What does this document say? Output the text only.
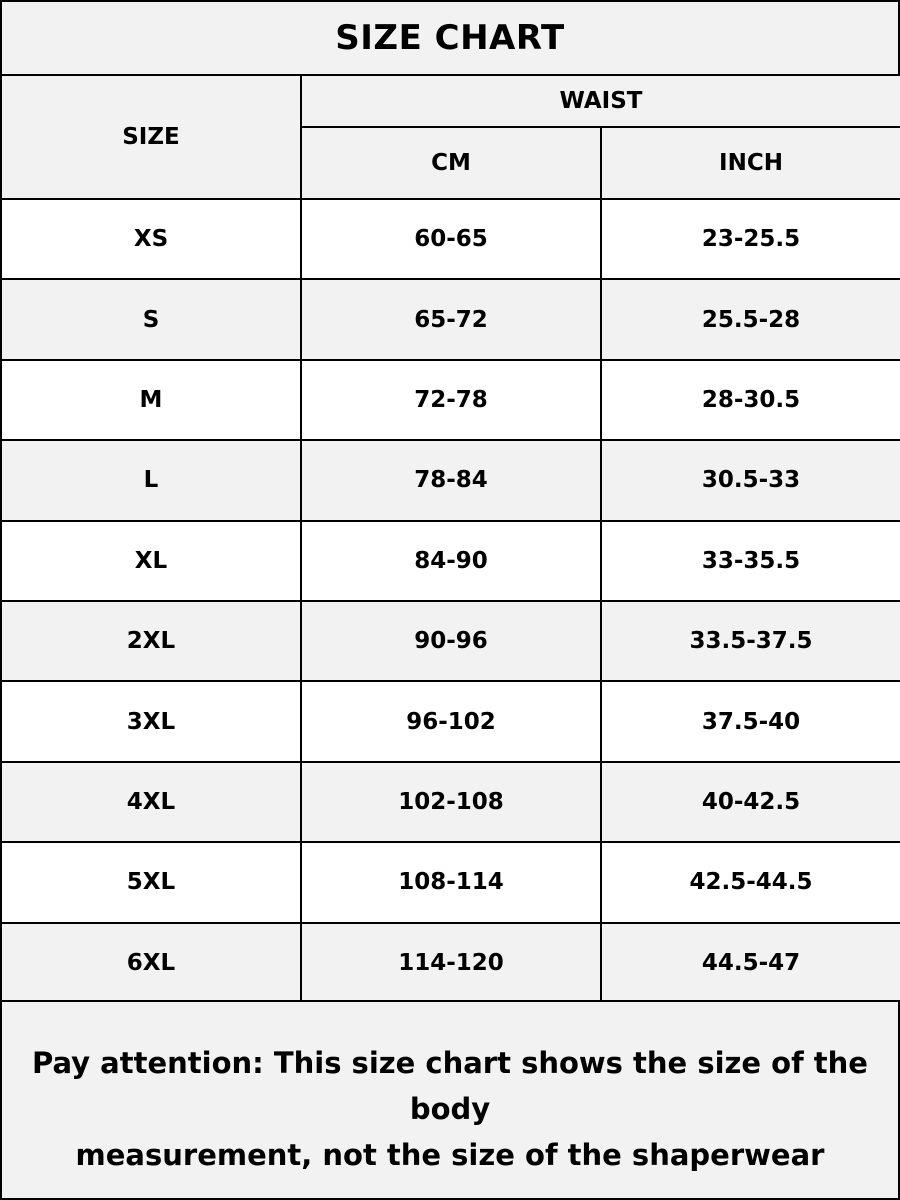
SIZE CHART
SIZE	WAIST	
	CM	INCH
XS	60-65	23-25.5
S	65-72	25.5-28
M	72-78	28-30.5
L	78-84	30.5-33
XL	84-90	33-35.5
2XL	90-96	33.5-37.5
3XL	96-102	37.5-40
4XL	102-108	40-42.5
5XL	108-114	42.5-44.5
6XL	114-120	44.5-47
Pay attention: This size chart shows the size of the body
measurement, not the size of the shaperwear
